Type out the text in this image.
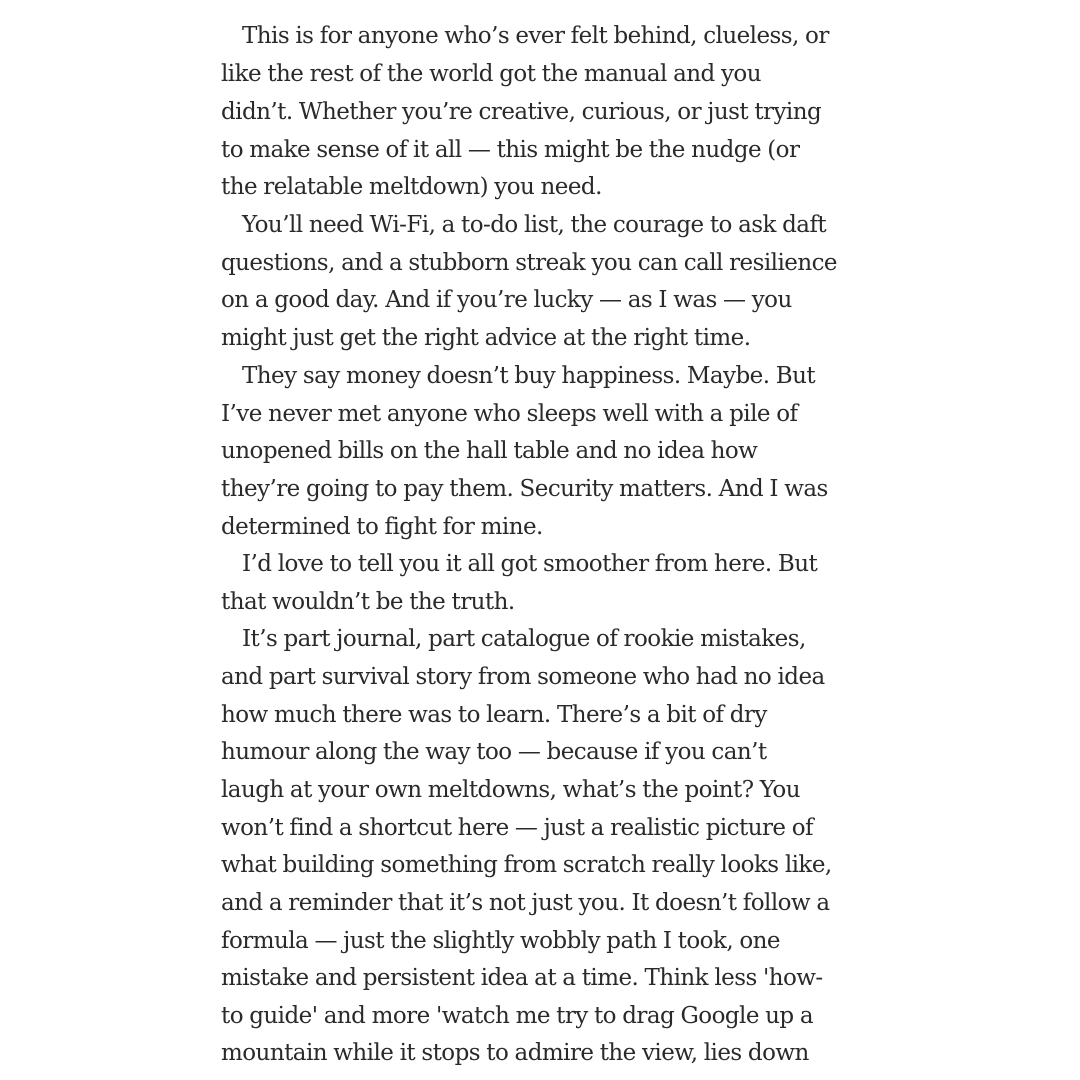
This is for anyone who’s ever felt behind, clueless, or
like the rest of the world got the manual and you
didn’t. Whether you’re creative, curious, or just trying
to make sense of it all — this might be the nudge (or
the relatable meltdown) you need.
You’ll need Wi-Fi, a to-do list, the courage to ask daft
questions, and a stubborn streak you can call resilience
on a good day. And if you’re lucky — as I was — you
might just get the right advice at the right time.
They say money doesn’t buy happiness. Maybe. But
I’ve never met anyone who sleeps well with a pile of
unopened bills on the hall table and no idea how
they’re going to pay them. Security matters. And I was
determined to fight for mine.
I’d love to tell you it all got smoother from here. But
that wouldn’t be the truth.
It’s part journal, part catalogue of rookie mistakes,
and part survival story from someone who had no idea
how much there was to learn. There’s a bit of dry
humour along the way too — because if you can’t
laugh at your own meltdowns, what’s the point? You
won’t find a shortcut here — just a realistic picture of
what building something from scratch really looks like,
and a reminder that it’s not just you. It doesn’t follow a
formula — just the slightly wobbly path I took, one
mistake and persistent idea at a time. Think less 'how-
to guide' and more 'watch me try to drag Google up a
mountain while it stops to admire the view, lies down
